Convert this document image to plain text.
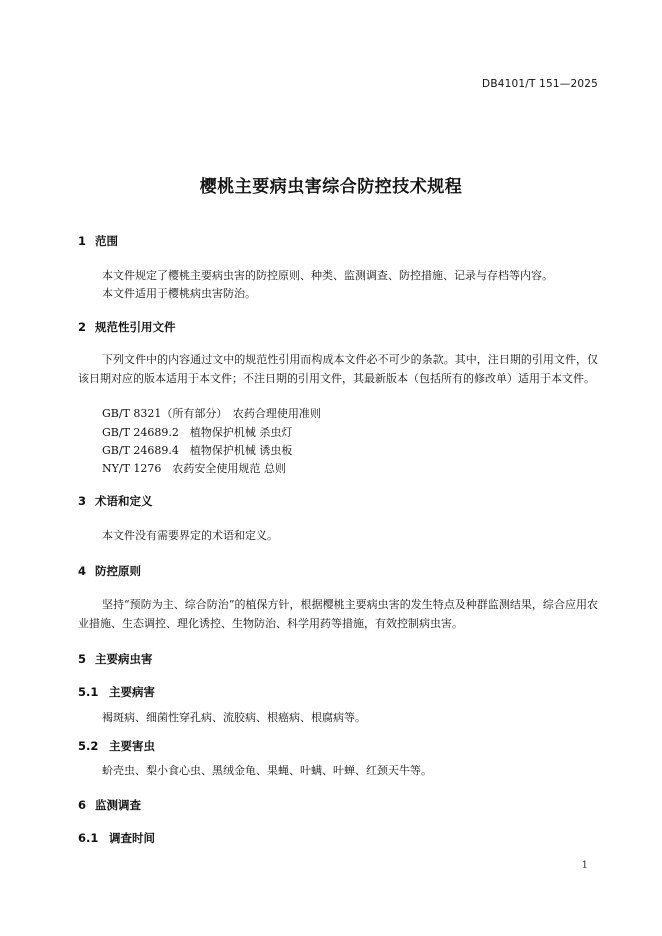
DB4101/T 151—2025
樱桃主要病虫害综合防控技术规程
1 范围
本文件规定了樱桃主要病虫害的防控原则、种类、监测调查、防控措施、记录与存档等内容。
本文件适用于樱桃病虫害防治。
2 规范性引用文件
下列文件中的内容通过文中的规范性引用而构成本文件必不可少的条款。其中，注日期的引用文件，仅该日期对应的版本适用于本文件；不注日期的引用文件，其最新版本（包括所有的修改单）适用于本文件。
GB/T 8321（所有部分）　农药合理使用准则
GB/T 24689.2　植物保护机械 杀虫灯
GB/T 24689.4　植物保护机械 诱虫板
NY/T 1276　农药安全使用规范 总则
3 术语和定义
本文件没有需要界定的术语和定义。
4 防控原则
坚持“预防为主、综合防治”的植保方针，根据樱桃主要病虫害的发生特点及种群监测结果，综合应用农业措施、生态调控、理化诱控、生物防治、科学用药等措施，有效控制病虫害。
5 主要病虫害
5.1 主要病害
褐斑病、细菌性穿孔病、流胶病、根癌病、根腐病等。
5.2 主要害虫
蚧壳虫、梨小食心虫、黑绒金龟、果蝇、叶螨、叶蝉、红颈天牛等。
6 监测调查
6.1 调查时间
1
